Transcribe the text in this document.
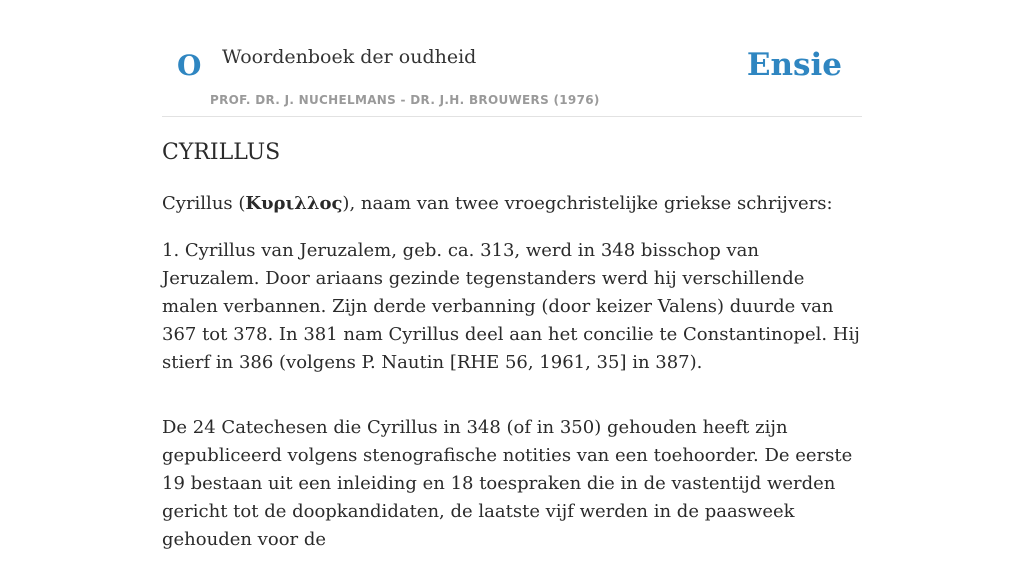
O Woordenboek der oudheid
PROF. DR. J. NUCHELMANS - DR. J.H. BROUWERS (1976)
Ensie
CYRILLUS

Cyrillus (Κυριλλος), naam van twee vroegchristelijke griekse schrijvers:

1. Cyrillus van Jeruzalem, geb. ca. 313, werd in 348 bisschop van Jeruzalem. Door ariaans gezinde tegenstanders werd hij verschillende malen verbannen. Zijn derde verbanning (door keizer Valens) duurde van 367 tot 378. In 381 nam Cyrillus deel aan het concilie te Constantinopel. Hij stierf in 386 (volgens P. Nautin [RHE 56, 1961, 35] in 387).

De 24 Catechesen die Cyrillus in 348 (of in 350) gehouden heeft zijn gepubliceerd volgens stenografische notities van een toehoorder. De eerste 19 bestaan uit een inleiding en 18 toespraken die in de vastentijd werden gericht tot de doopkandidaten, de laatste vijf werden in de paasweek gehouden voor de
